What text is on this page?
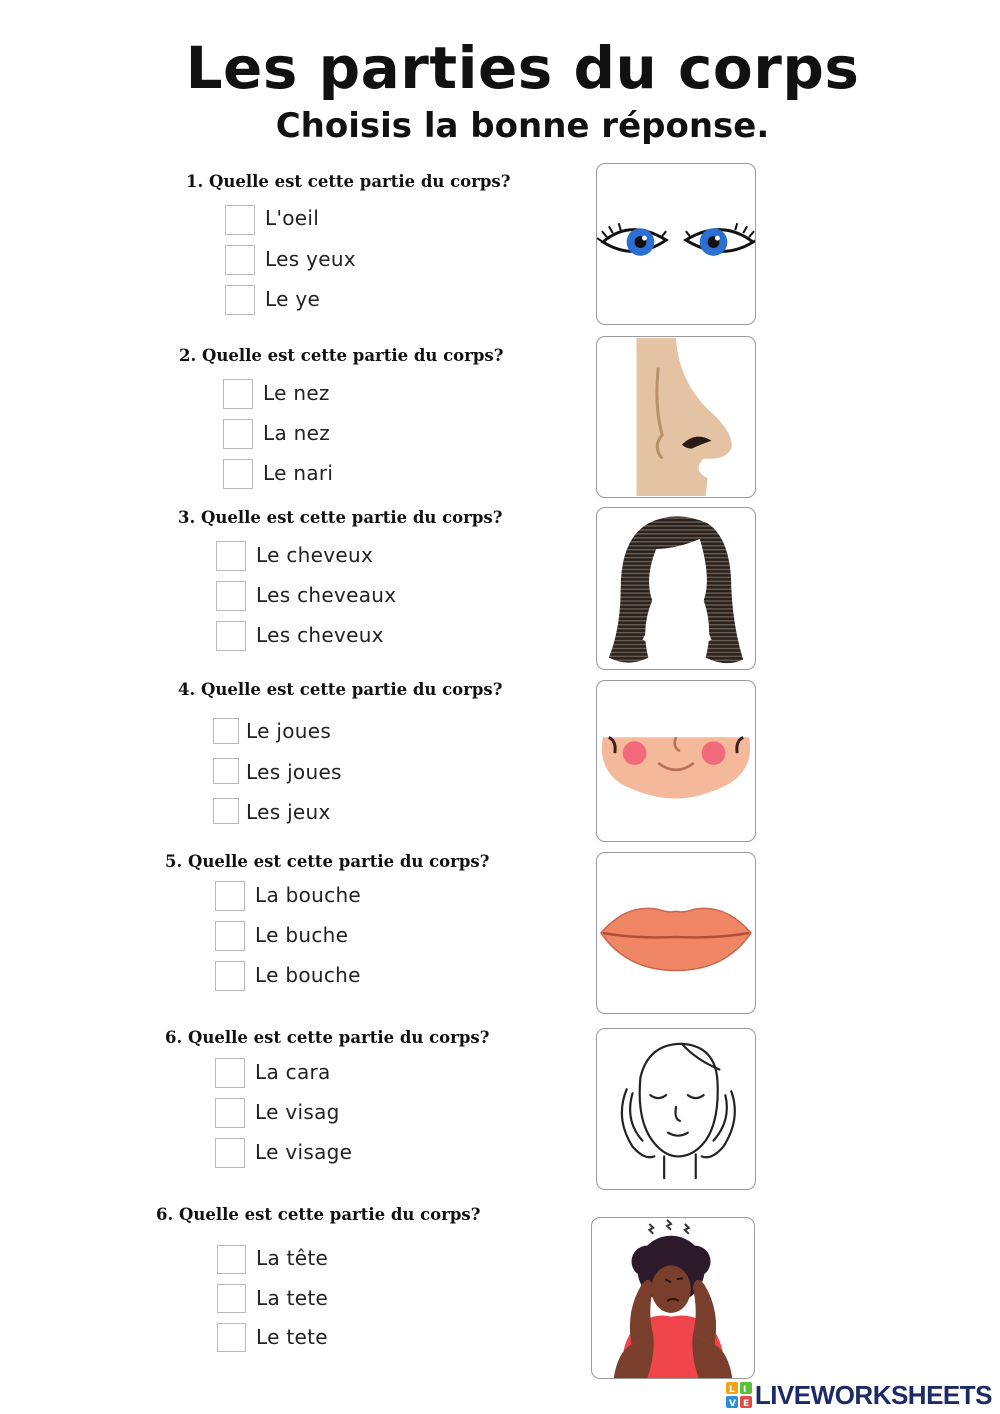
Les parties du corps
Choisis la bonne réponse.
1. Quelle est cette partie du corps?
L'oeil
Les yeux
Le ye
2. Quelle est cette partie du corps?
Le nez
La nez
Le nari
3. Quelle est cette partie du corps?
Le cheveux
Les cheveaux
Les cheveux
4. Quelle est cette partie du corps?
Le joues
Les joues
Les jeux
5. Quelle est cette partie du corps?
La bouche
Le buche
Le bouche
6. Quelle est cette partie du corps?
La cara
Le visag
Le visage
6. Quelle est cette partie du corps?
La tête
La tete
Le tete
L I
V E LIVEWORKSHEETS
